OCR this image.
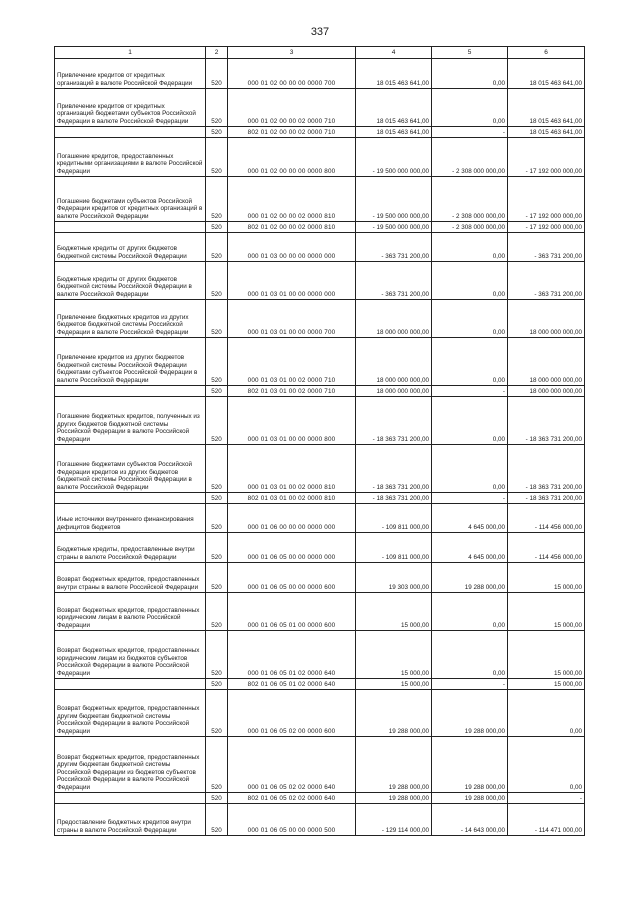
337
1	2	3	4	5	6

Привлечение кредитов от кредитных организаций в валюте Российской Федерации	520	000 01 02 00 00 00 0000 700	18 015 463 641,00	0,00	18 015 463 641,00

Привлечение кредитов от кредитных организаций бюджетами субъектов Российской Федерации в валюте Российской Федерации	520	000 01 02 00 00 02 0000 710	18 015 463 641,00	0,00	18 015 463 641,00

	520	802 01 02 00 00 02 0000 710	18 015 463 641,00	-	18 015 463 641,00

Погашение кредитов, предоставленных кредитными организациями в валюте Российской Федерации	520	000 01 02 00 00 00 0000 800	- 19 500 000 000,00	- 2 308 000 000,00	- 17 192 000 000,00

Погашение бюджетами субъектов Российской Федерации кредитов от кредитных организаций в валюте Российской Федерации	520	000 01 02 00 00 02 0000 810	- 19 500 000 000,00	- 2 308 000 000,00	- 17 192 000 000,00

	520	802 01 02 00 00 02 0000 810	- 19 500 000 000,00	- 2 308 000 000,00	- 17 192 000 000,00

Бюджетные кредиты от других бюджетов бюджетной системы Российской Федерации	520	000 01 03 00 00 00 0000 000	- 363 731 200,00	0,00	- 363 731 200,00

Бюджетные кредиты от других бюджетов бюджетной системы Российской Федерации в валюте Российской Федерации	520	000 01 03 01 00 00 0000 000	- 363 731 200,00	0,00	- 363 731 200,00

Привлечение бюджетных кредитов из других бюджетов бюджетной системы Российской Федерации в валюте Российской Федерации	520	000 01 03 01 00 00 0000 700	18 000 000 000,00	0,00	18 000 000 000,00

Привлечение кредитов из других бюджетов бюджетной системы Российской Федерации бюджетами субъектов Российской Федерации в валюте Российской Федерации	520	000 01 03 01 00 02 0000 710	18 000 000 000,00	0,00	18 000 000 000,00

	520	802 01 03 01 00 02 0000 710	18 000 000 000,00	-	18 000 000 000,00

Погашение бюджетных кредитов, полученных из других бюджетов бюджетной системы Российской Федерации в валюте Российской Федерации	520	000 01 03 01 00 00 0000 800	- 18 363 731 200,00	0,00	- 18 363 731 200,00

Погашение бюджетами субъектов Российской Федерации кредитов из других бюджетов бюджетной системы Российской Федерации в валюте Российской Федерации	520	000 01 03 01 00 02 0000 810	- 18 363 731 200,00	0,00	- 18 363 731 200,00

	520	802 01 03 01 00 02 0000 810	- 18 363 731 200,00	-	- 18 363 731 200,00

Иные источники внутреннего финансирования дефицитов бюджетов	520	000 01 06 00 00 00 0000 000	- 109 811 000,00	4 645 000,00	- 114 456 000,00

Бюджетные кредиты, предоставленные внутри страны в валюте Российской Федерации	520	000 01 06 05 00 00 0000 000	- 109 811 000,00	4 645 000,00	- 114 456 000,00

Возврат бюджетных кредитов, предоставленных внутри страны в валюте Российской Федерации	520	000 01 06 05 00 00 0000 600	19 303 000,00	19 288 000,00	15 000,00

Возврат бюджетных кредитов, предоставленных юридическим лицам в валюте Российской Федерации	520	000 01 06 05 01 00 0000 600	15 000,00	0,00	15 000,00

Возврат бюджетных кредитов, предоставленных юридическим лицам из бюджетов субъектов Российской Федерации в валюте Российской Федерации	520	000 01 06 05 01 02 0000 640	15 000,00	0,00	15 000,00

	520	802 01 06 05 01 02 0000 640	15 000,00	-	15 000,00

Возврат бюджетных кредитов, предоставленных другим бюджетам бюджетной системы Российской Федерации в валюте Российской Федерации	520	000 01 06 05 02 00 0000 600	19 288 000,00	19 288 000,00	0,00

Возврат бюджетных кредитов, предоставленных другим бюджетам бюджетной системы Российской Федерации из бюджетов субъектов Российской Федерации в валюте Российской Федерации	520	000 01 06 05 02 02 0000 640	19 288 000,00	19 288 000,00	0,00

	520	802 01 06 05 02 02 0000 640	19 288 000,00	19 288 000,00	-

Предоставление бюджетных кредитов внутри страны в валюте Российской Федерации	520	000 01 06 05 00 00 0000 500	- 129 114 000,00	- 14 643 000,00	- 114 471 000,00
